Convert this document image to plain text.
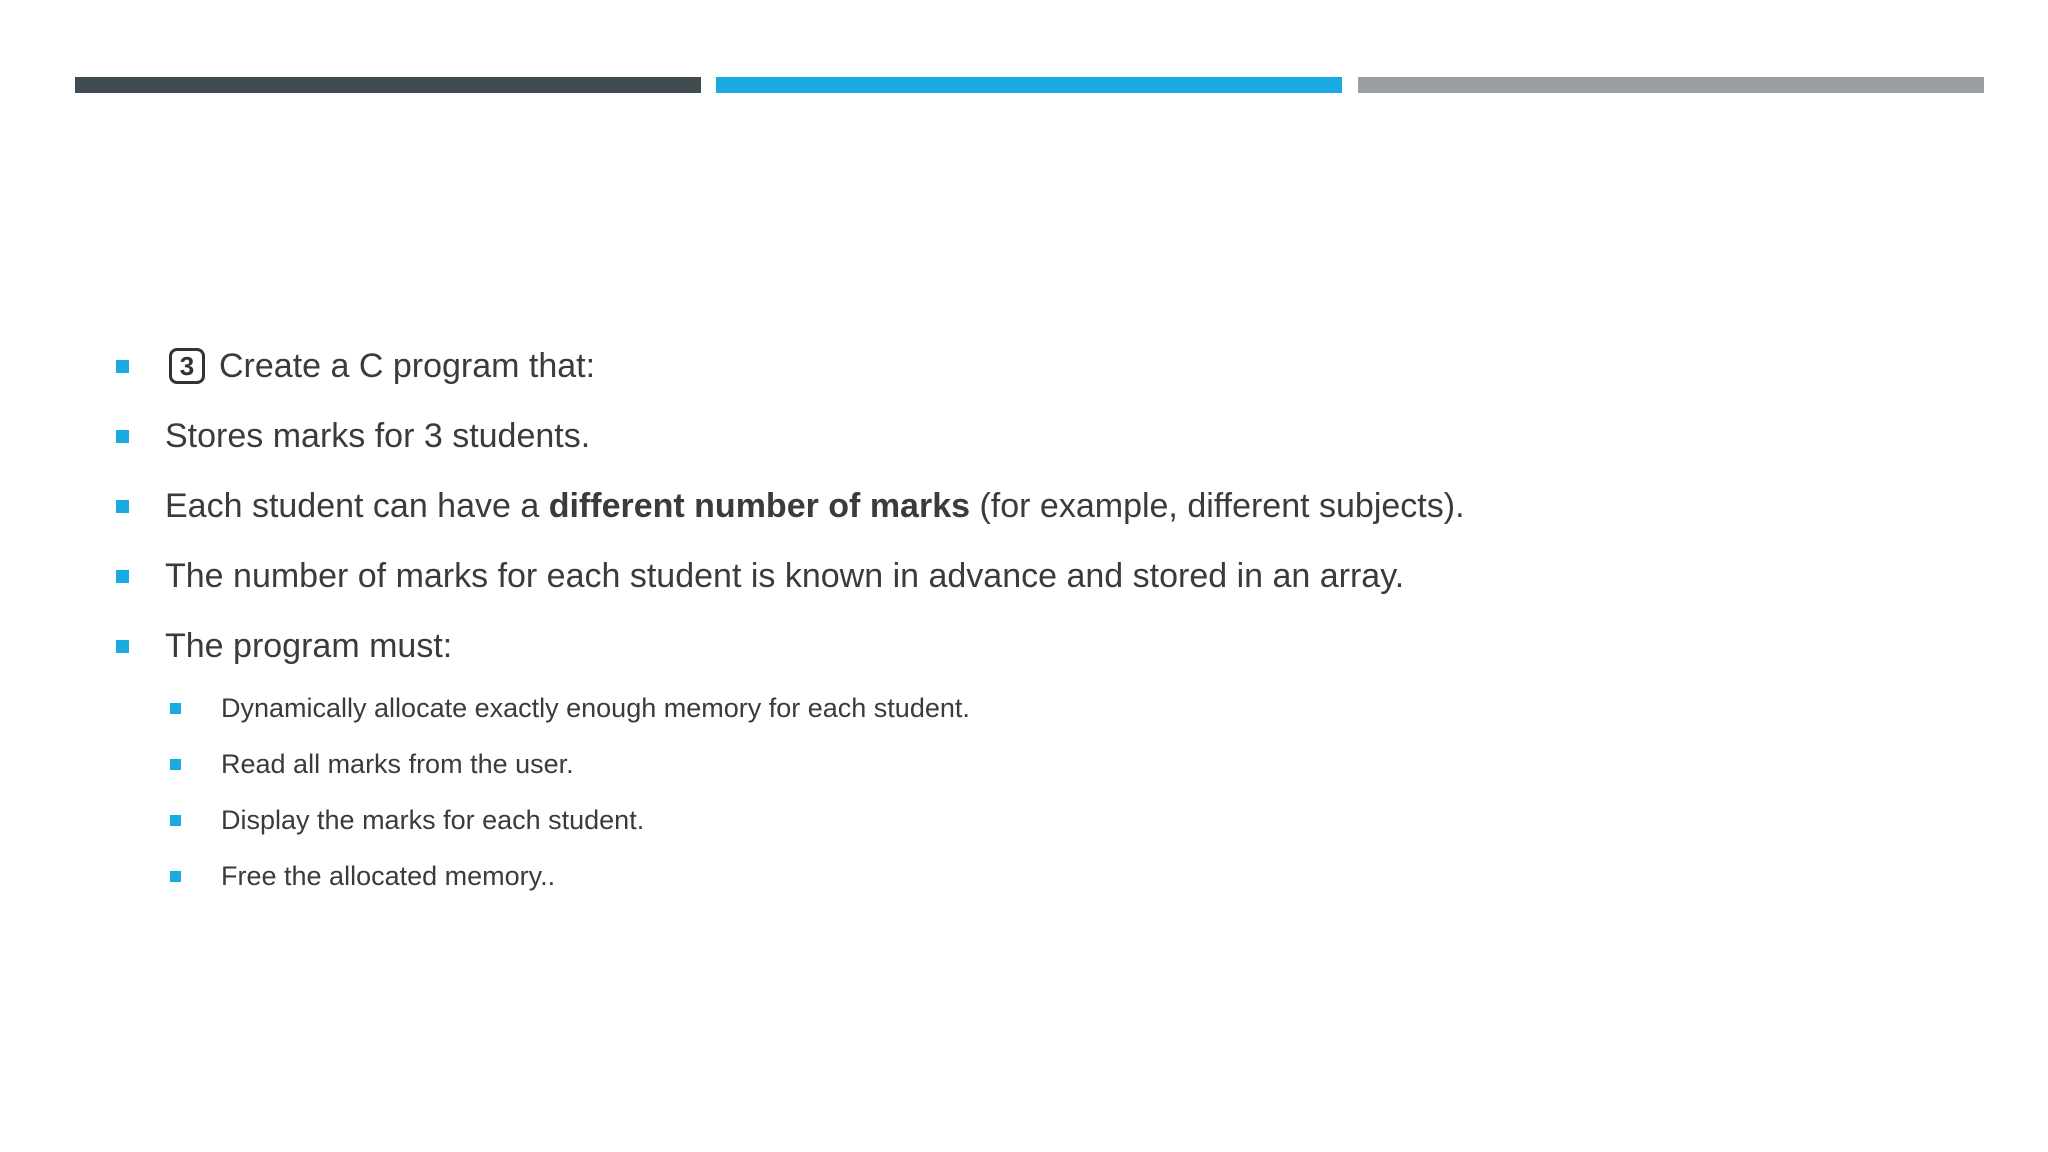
3 Create a C program that:
Stores marks for 3 students.
Each student can have a different number of marks (for example, different subjects).
The number of marks for each student is known in advance and stored in an array.
The program must:
Dynamically allocate exactly enough memory for each student.
Read all marks from the user.
Display the marks for each student.
Free the allocated memory..
